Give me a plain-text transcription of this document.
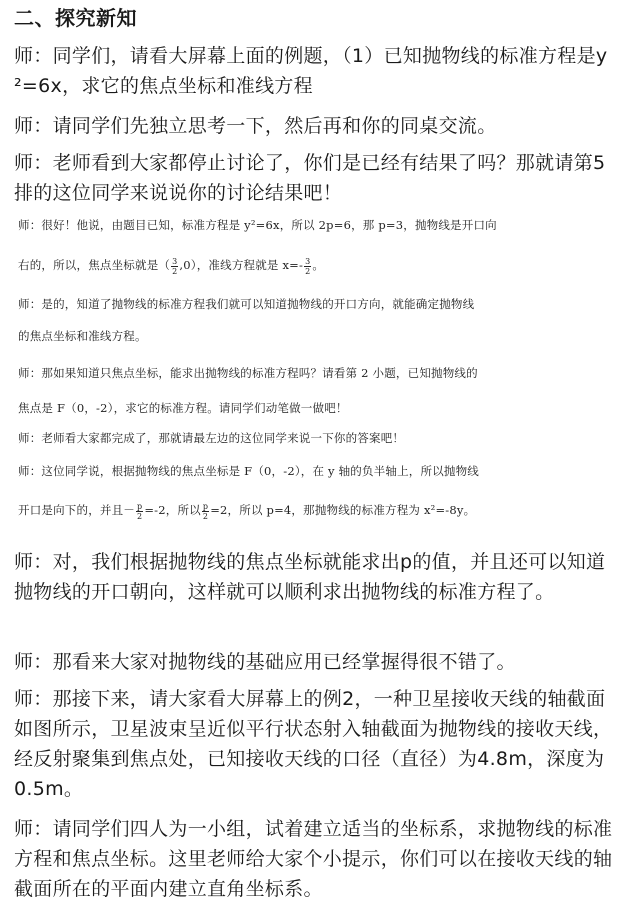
二、探究新知
师：同学们，请看大屏幕上面的例题，（1）已知抛物线的标准方程是y²=6x，求它的焦点坐标和准线方程
师：请同学们先独立思考一下，然后再和你的同桌交流。
师：老师看到大家都停止讨论了，你们是已经有结果了吗？那就请第5排的这位同学来说说你的讨论结果吧！
师：很好！他说，由题目已知，标准方程是 y²=6x，所以 2p=6，那 p=3，抛物线是开口向
右的，所以，焦点坐标就是（ $\frac{3}{2} ,0$），准线方程就是 $x=- \frac{3}{2}$ 。
师：是的，知道了抛物线的标准方程我们就可以知道抛物线的开口方向，就能确定抛物线
的焦点坐标和准线方程。
师：那如果知道只焦点坐标，能求出抛物线的标准方程吗？请看第 2 小题，已知抛物线的
焦点是 F（0，-2），求它的标准方程。请同学们动笔做一做吧！
师：老师看大家都完成了，那就请最左边的这位同学来说一下你的答案吧！
师：这位同学说，根据抛物线的焦点坐标是 F（0，-2），在 y 轴的负半轴上，所以抛物线
开口是向下的，并且－ $\frac{p}{2} =-2$，所以 $\frac{p}{2} =2$，所以 p=4，那抛物线的标准方程为 x²=-8y。
师：对，我们根据抛物线的焦点坐标就能求出p的值，并且还可以知道抛物线的开口朝向，这样就可以顺利求出抛物线的标准方程了。
师：那看来大家对抛物线的基础应用已经掌握得很不错了。
师：那接下来，请大家看大屏幕上的例2，一种卫星接收天线的轴截面如图所示，卫星波束呈近似平行状态射入轴截面为抛物线的接收天线，经反射聚集到焦点处，已知接收天线的口径（直径）为4.8m，深度为0.5m。
师：请同学们四人为一小组，试着建立适当的坐标系，求抛物线的标准方程和焦点坐标。这里老师给大家个小提示，你们可以在接收天线的轴截面所在的平面内建立直角坐标系。
